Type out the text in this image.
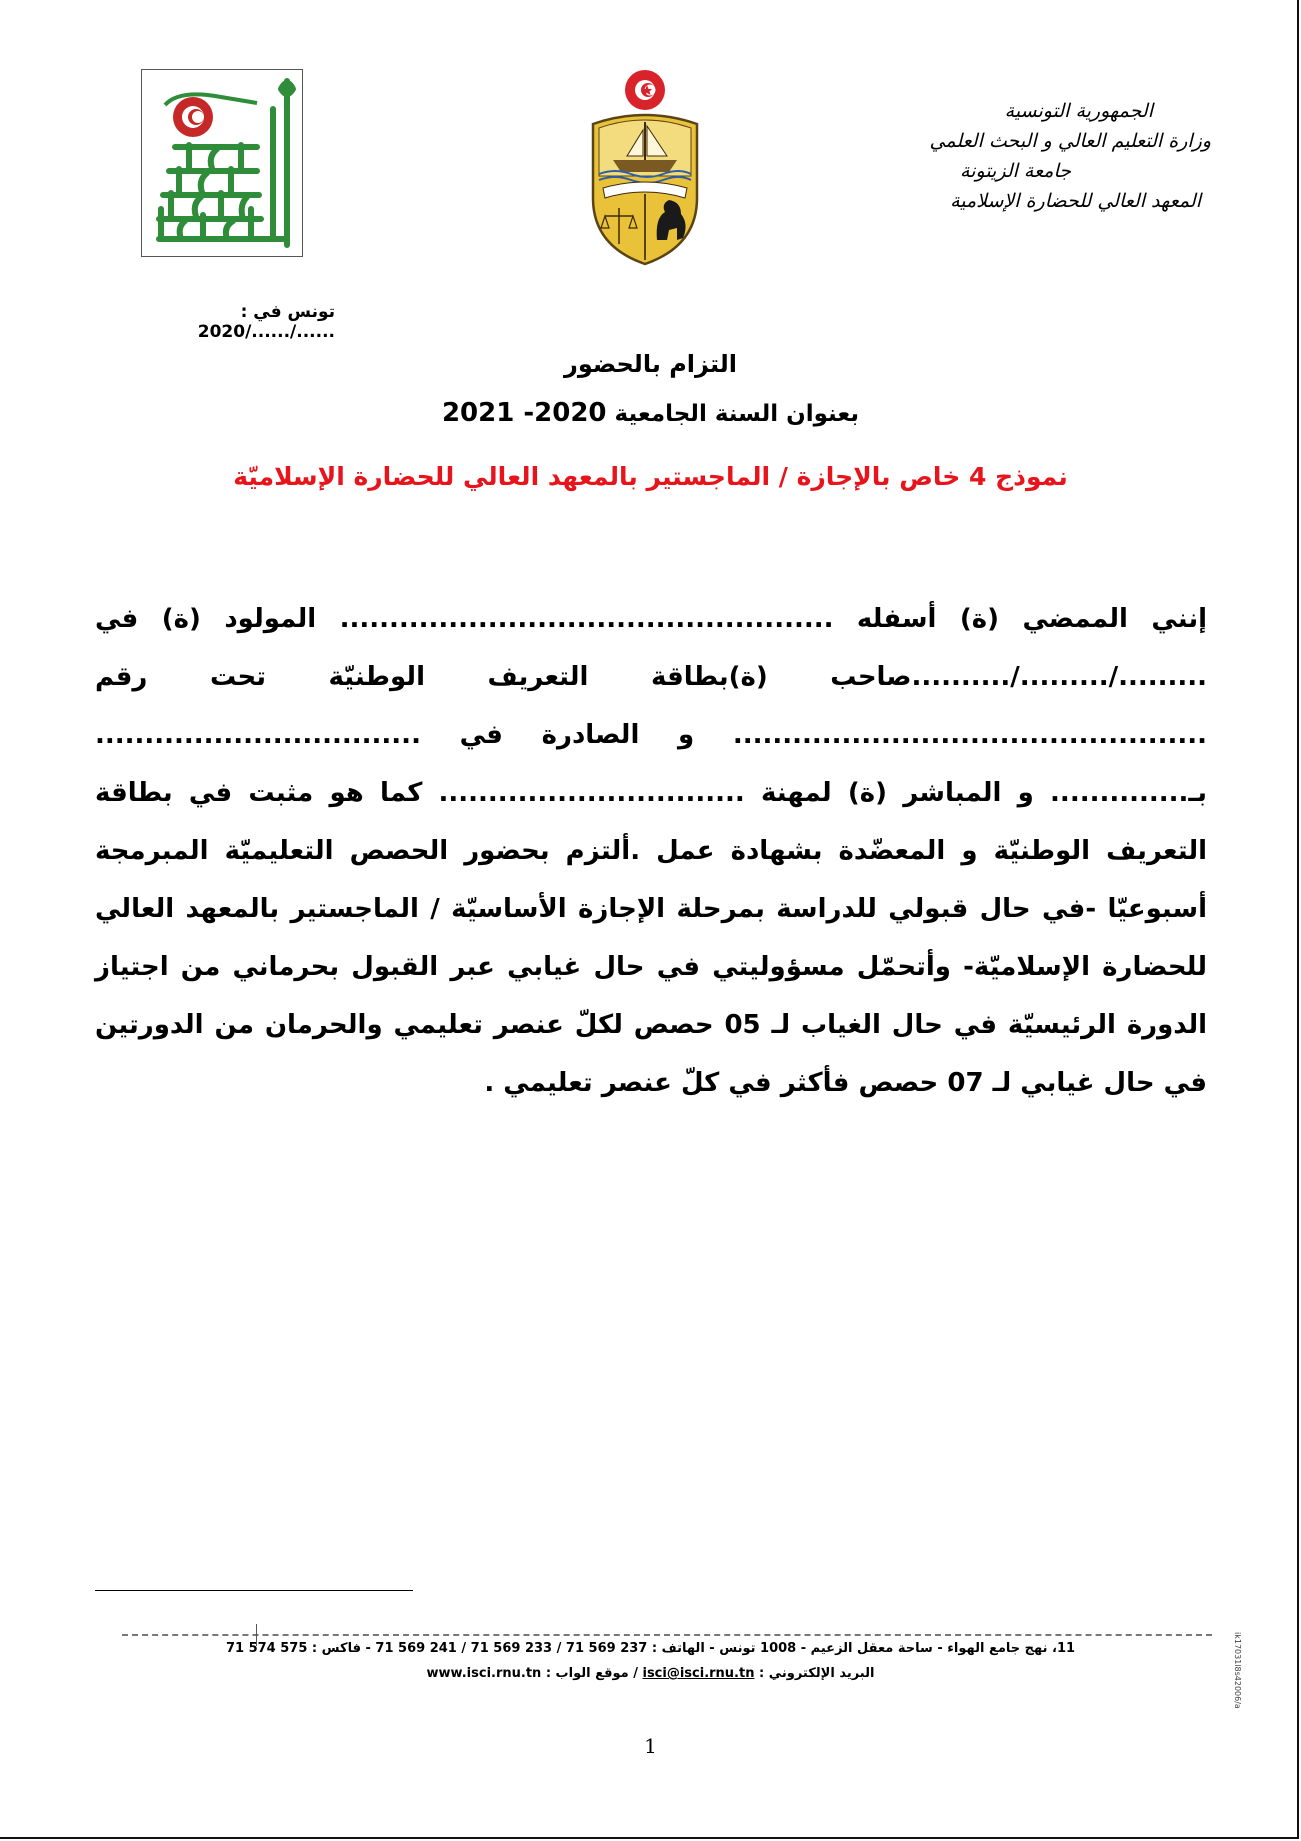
الجمهورية التونسية
وزارة التعليم العالي و البحث العلمي
جامعة الزيتونة
المعهد العالي للحضارة الإسلامية
تونس في : ....../....../2020
التزام بالحضور
بعنوان السنة الجامعية 2020- 2021
نموذج 4 خاص بالإجازة / الماجستير بالمعهد العالي للحضارة الإسلاميّة

إنني الممضي (ة) أسفله .................................................. المولود (ة) في ........./........./..........صاحب (ة)بطاقة التعريف الوطنيّة تحت رقم ................................................ و الصادرة في ................................. بـ.............. و المباشر (ة) لمهنة ............................... كما هو مثبت في بطاقة التعريف الوطنيّة و المعضّدة بشهادة عمل .ألتزم بحضور الحصص التعليميّة المبرمجة أسبوعيّا -في حال قبولي للدراسة بمرحلة الإجازة الأساسيّة / الماجستير بالمعهد العالي للحضارة الإسلاميّة- وأتحمّل مسؤوليتي في حال غيابي عبر القبول بحرماني من اجتياز الدورة الرئيسيّة في حال الغياب لـ 05 حصص لكلّ عنصر تعليمي والحرمان من الدورتين في حال غيابي لـ 07 حصص فأكثر في كلّ عنصر تعليمي .

11، نهج جامع الهواء - ساحة معقل الزعيم - 1008 تونس - الهاتف : 237 569 71 / 233 569 71 / 241 569 71 - فاكس : 575 574 71
البريد الإلكتروني : isci@isci.rnu.tn / موقع الواب : www.isci.rnu.tn	ik17031l8s42006/a
1
